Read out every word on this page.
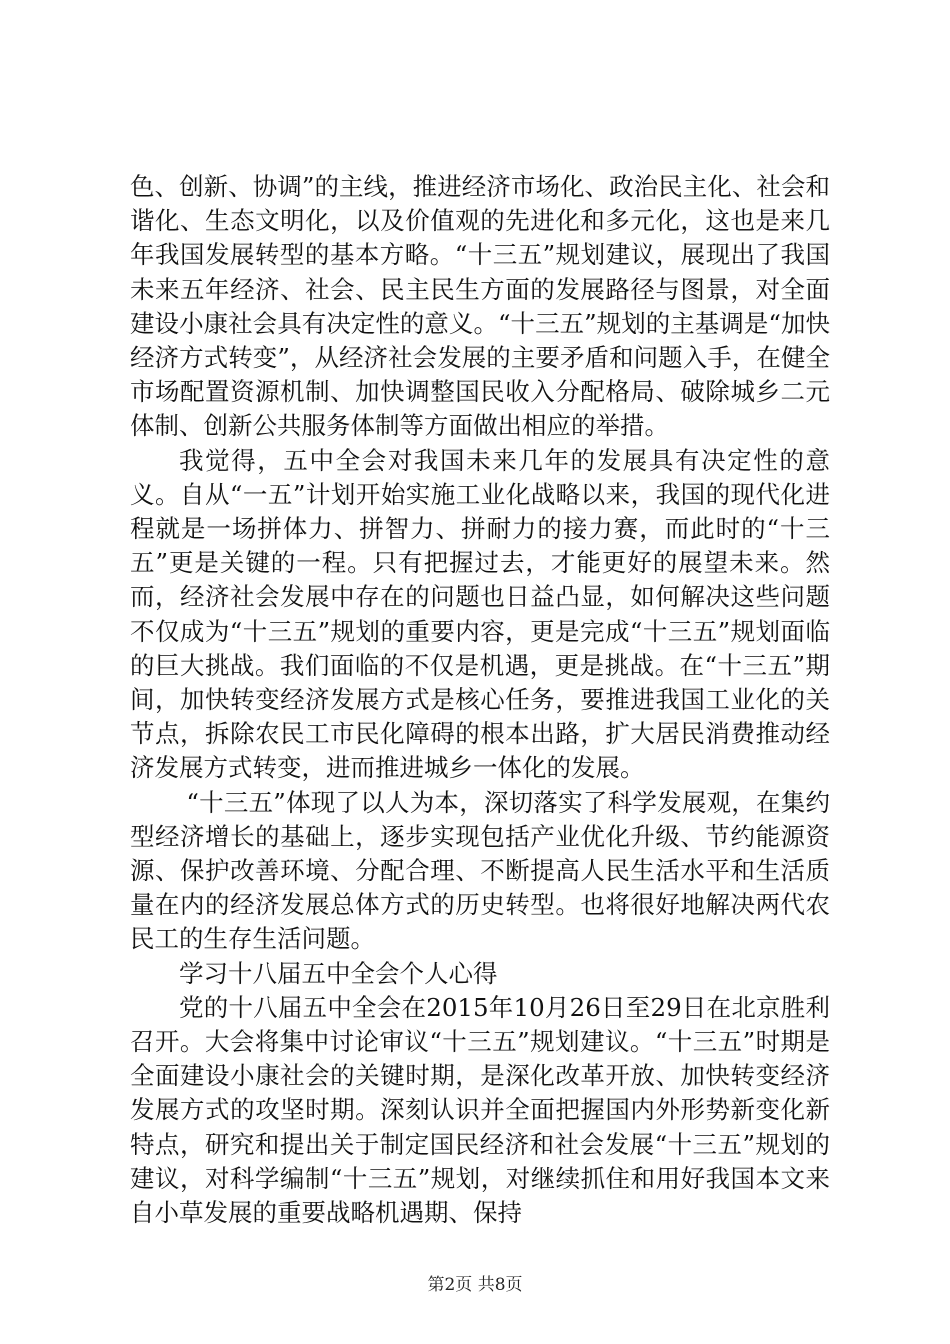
色、创新、协调”的主线，推进经济市场化、政治民主化、社会和谐化、生态文明化，以及价值观的先进化和多元化，这也是来几年我国发展转型的基本方略。“十三五”规划建议，展现出了我国未来五年经济、社会、民主民生方面的发展路径与图景，对全面建设小康社会具有决定性的意义。“十三五”规划的主基调是“加快经济方式转变”，从经济社会发展的主要矛盾和问题入手，在健全市场配置资源机制、加快调整国民收入分配格局、破除城乡二元体制、创新公共服务体制等方面做出相应的举措。

我觉得，五中全会对我国未来几年的发展具有决定性的意义。自从“一五”计划开始实施工业化战略以来，我国的现代化进程就是一场拼体力、拼智力、拼耐力的接力赛，而此时的“十三五”更是关键的一程。只有把握过去，才能更好的展望未来。然而，经济社会发展中存在的问题也日益凸显，如何解决这些问题不仅成为“十三五”规划的重要内容，更是完成“十三五”规划面临的巨大挑战。我们面临的不仅是机遇，更是挑战。在“十三五”期间，加快转变经济发展方式是核心任务，要推进我国工业化的关节点，拆除农民工市民化障碍的根本出路，扩大居民消费推动经济发展方式转变，进而推进城乡一体化的发展。

“十三五”体现了以人为本，深切落实了科学发展观，在集约型经济增长的基础上，逐步实现包括产业优化升级、节约能源资源、保护改善环境、分配合理、不断提高人民生活水平和生活质量在内的经济发展总体方式的历史转型。也将很好地解决两代农民工的生存生活问题。

学习十八届五中全会个人心得

党的十八届五中全会在2015年10月26日至29日在北京胜利召开。大会将集中讨论审议“十三五”规划建议。“十三五”时期是全面建设小康社会的关键时期，是深化改革开放、加快转变经济发展方式的攻坚时期。深刻认识并全面把握国内外形势新变化新特点，研究和提出关于制定国民经济和社会发展“十三五”规划的建议，对科学编制“十三五”规划，对继续抓住和用好我国本文来自小草发展的重要战略机遇期、保持

第2页 共8页
